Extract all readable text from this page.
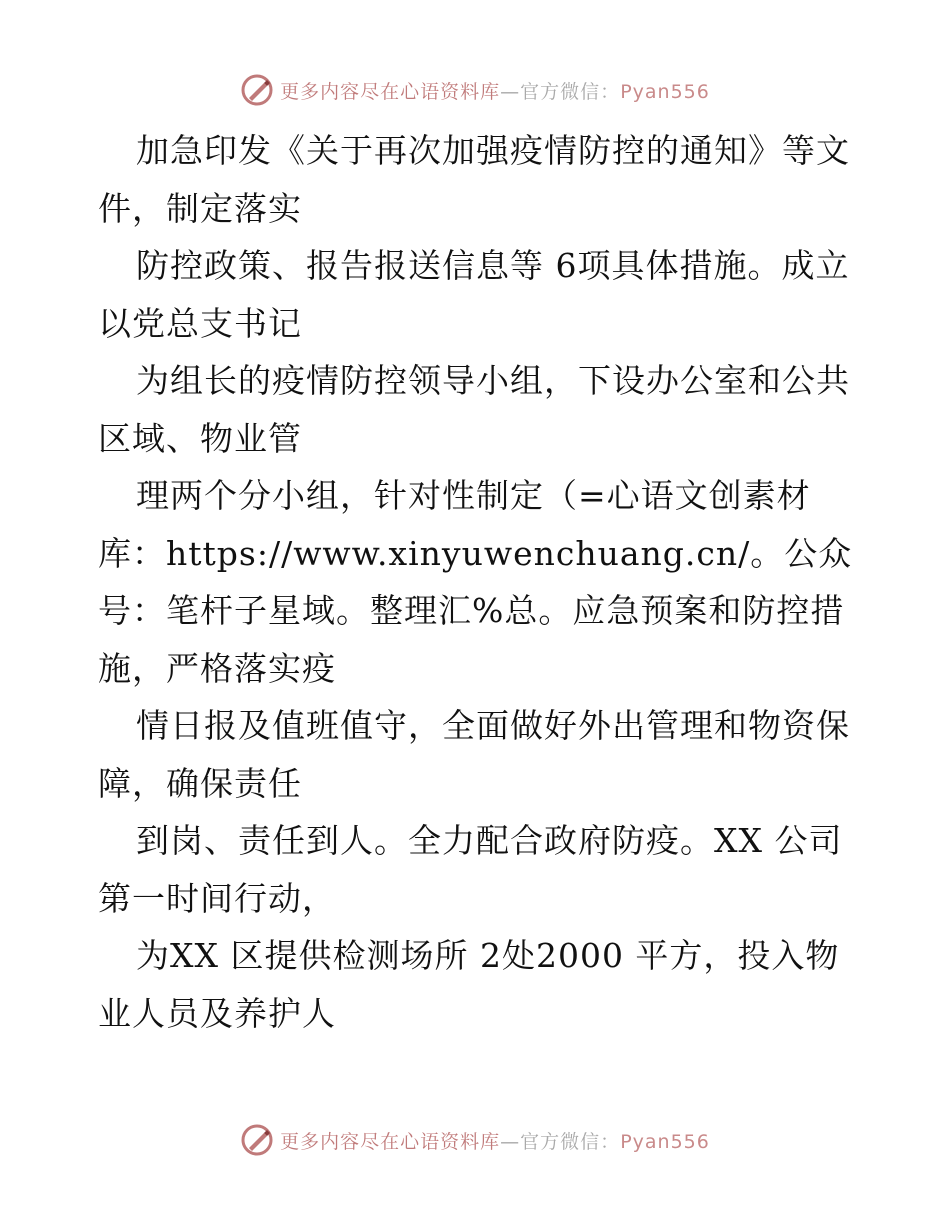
更多内容尽在心语资料库—官方微信：Pyan556

加急印发《关于再次加强疫情防控的通知》等文件，制定落实

防控政策、报告报送信息等 6项具体措施。成立以党总支书记

为组长的疫情防控领导小组，下设办公室和公共区域、物业管

理两个分小组，针对性制定（=心语文创素材库：https://www.xinyuwenchuang.cn/。公众号：笔杆子星域。整理汇%总。应急预案和防控措施，严格落实疫

情日报及值班值守，全面做好外出管理和物资保障，确保责任

到岗、责任到人。全力配合政府防疫。XX 公司第一时间行动，

为XX 区提供检测场所 2处2000 平方，投入物业人员及养护人

更多内容尽在心语资料库—官方微信：Pyan556
